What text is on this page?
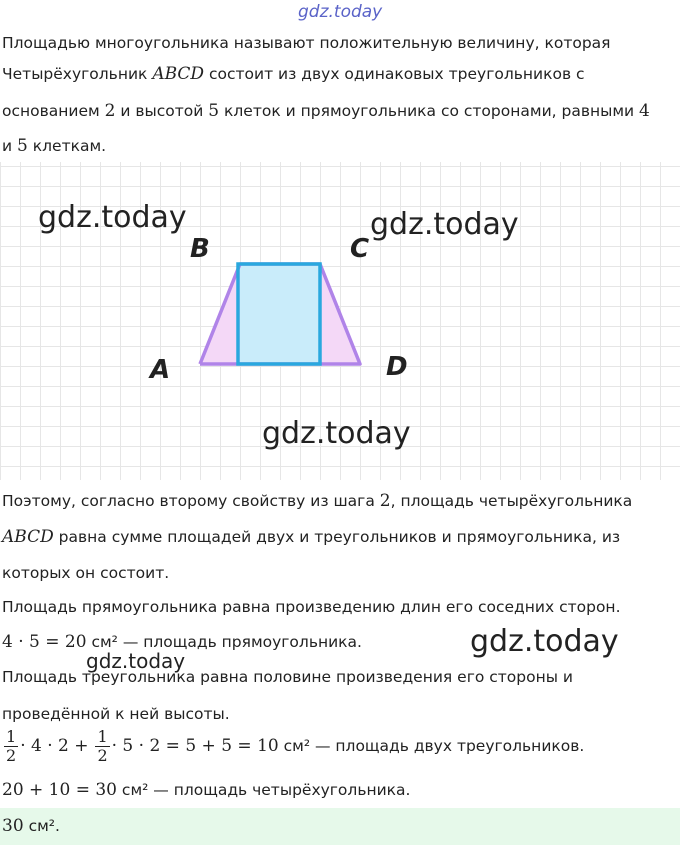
gdz.today
Площадью многоугольника называют положительную величину, которая
Четырёхугольник ABCD состоит из двух одинаковых треугольников с
основанием 2 и высотой 5 клеток и прямоугольника со сторонами, равными 4
и 5 клеткам.
A
B	C
D
gdz.today	gdz.today
gdz.today
Поэтому, согласно второму свойству из шага 2, площадь четырёхугольника
ABCD равна сумме площадей двух и треугольников и прямоугольника, из
которых он состоит.
Площадь прямоугольника равна произведению длин его соседних сторон.
4 · 5 = 20 см² — площадь прямоугольника.	gdz.today
gdz.today
Площадь треугольника равна половине произведения его стороны и
проведённой к ней высоты.
$\frac{1}{2} \cdot 4 \cdot 2 + \frac{1}{2} \cdot 5 \cdot 2 = 5 + 5 = 10$ см² — площадь двух треугольников.
20 + 10 = 30 см² — площадь четырёхугольника.
30 см².
